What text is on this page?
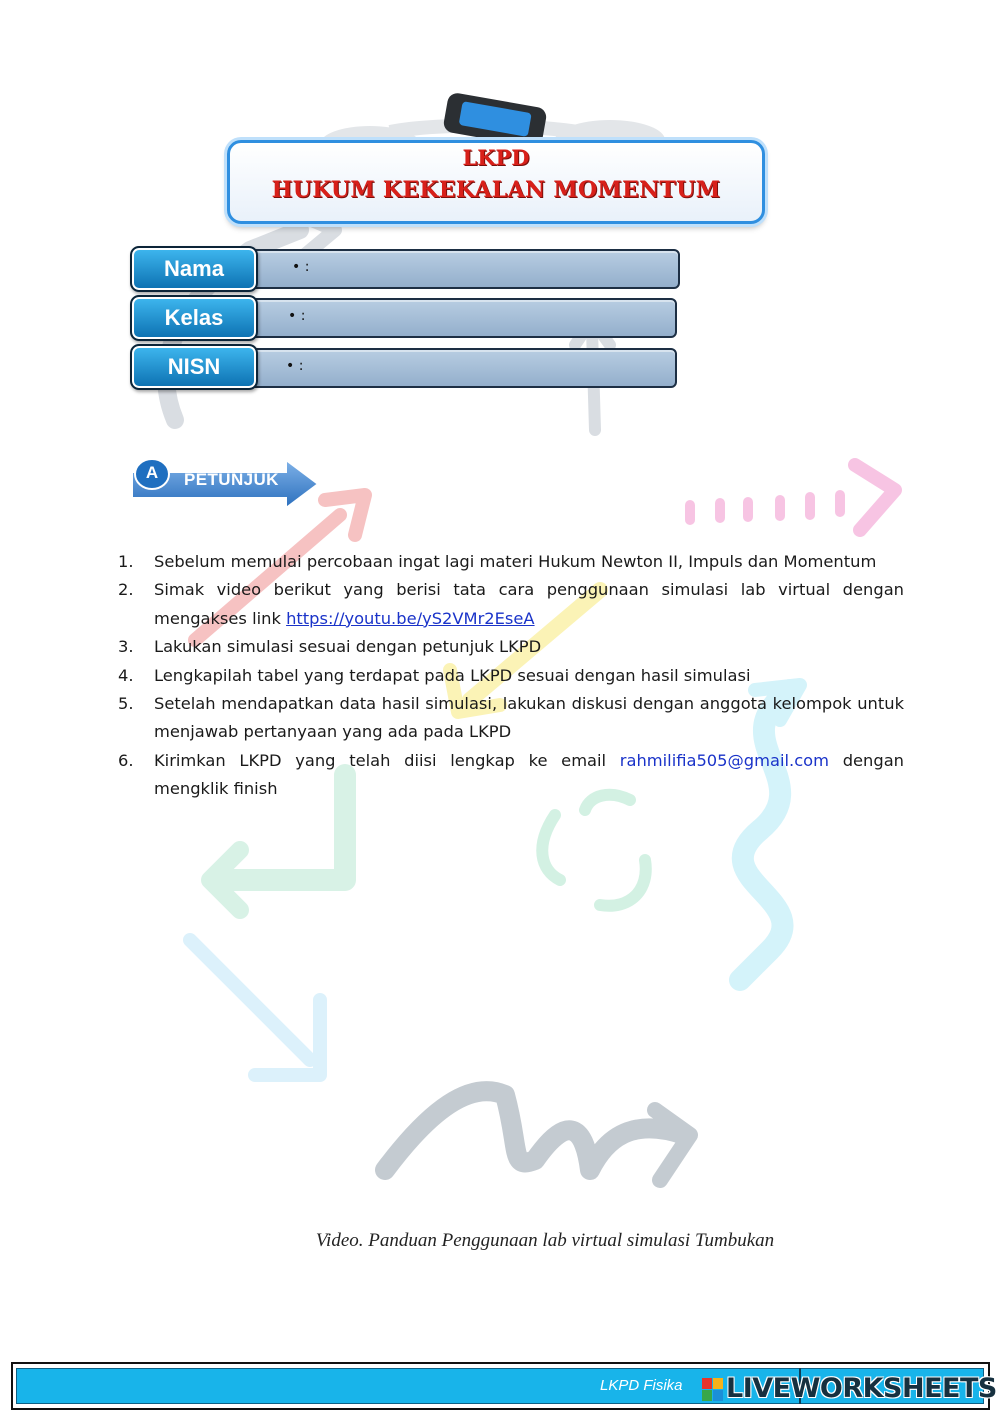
LKPD
HUKUM KEKEKALAN MOMENTUM
• :
Nama
• :
Kelas
• :
NISN
A	PETUNJUK
1. Sebelum memulai percobaan ingat lagi materi Hukum Newton II, Impuls dan Momentum
2. Simak video berikut yang berisi tata cara penggunaan simulasi lab virtual dengan mengakses link https://youtu.be/yS2VMr2EseA
3. Lakukan simulasi sesuai dengan petunjuk LKPD
4. Lengkapilah tabel yang terdapat pada LKPD sesuai dengan hasil simulasi
5. Setelah mendapatkan data hasil simulasi, lakukan diskusi dengan anggota kelompok untuk menjawab pertanyaan yang ada pada LKPD
6. Kirimkan LKPD yang telah diisi lengkap ke email rahmilifia505@gmail.com dengan mengklik finish
Video. Panduan Penggunaan lab virtual simulasi Tumbukan
LKPD Fisika LIVEWORKSHEETS
